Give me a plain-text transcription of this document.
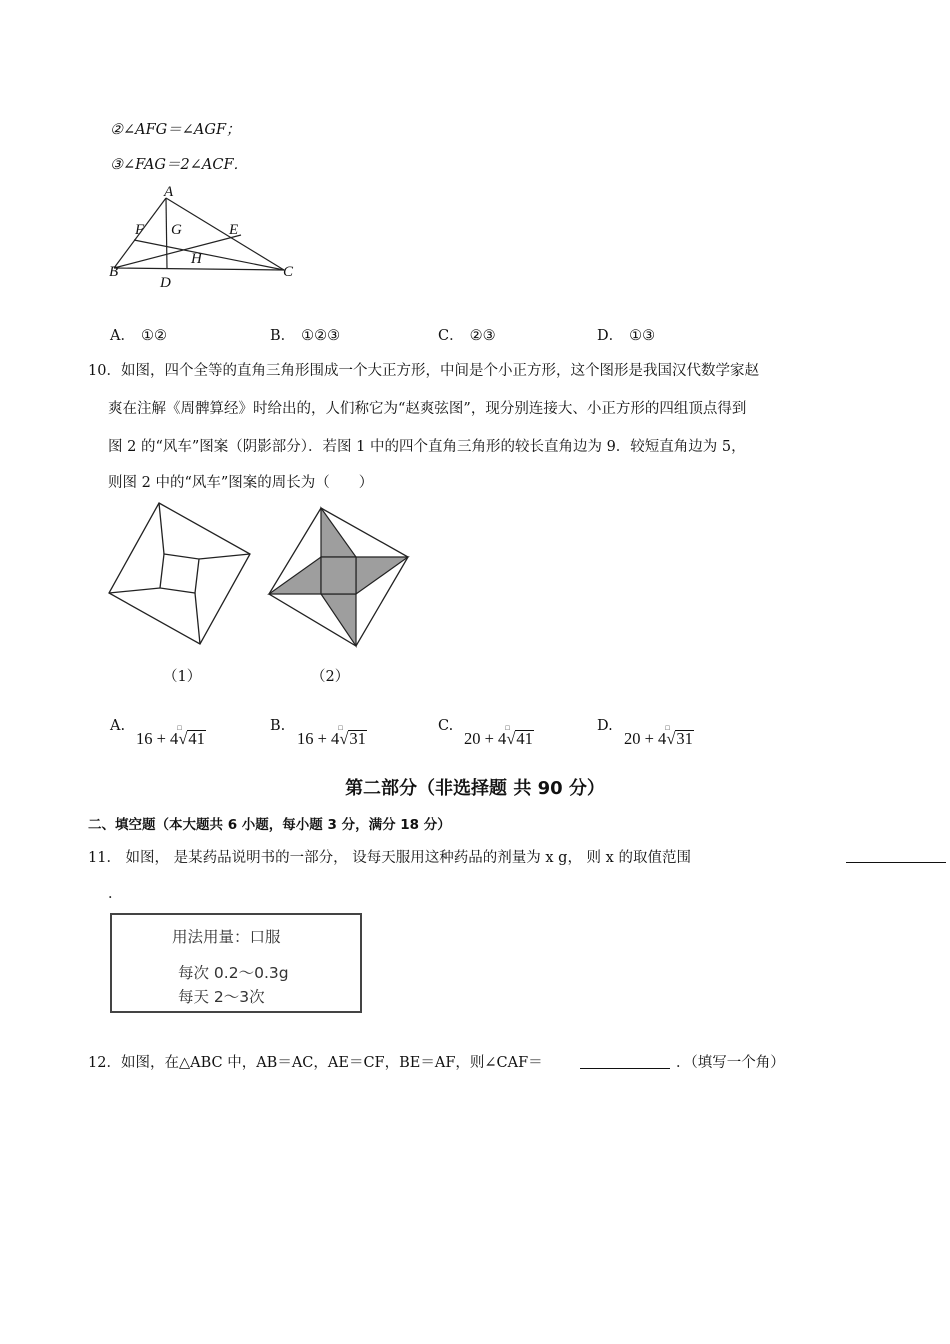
②∠AFG＝∠AGF；
③∠FAG＝2∠ACF．
A
F G	E
H
B
D
C
A． ①②	B． ①②③	C． ②③	D． ①③
10．如图，四个全等的直角三角形围成一个大正方形，中间是个小正方形，这个图形是我国汉代数学家赵
爽在注解《周髀算经》时给出的，人们称它为“赵爽弦图”，现分别连接大、小正方形的四组顶点得到
图 2 的“风车”图案（阴影部分）．若图 1 中的四个直角三角形的较长直角边为 9．较短直角边为 5，
则图 2 中的“风车”图案的周长为（　　）
（1）	（2）
A.
16 + 4√
□
41
B.
16 + 4√
□
31
C.
20 + 4√
□
41
D.
20 + 4√
□
31
第二部分（非选择题 共 90 分）
二、填空题（本大题共 6 小题，每小题 3 分，满分 18 分）
11． 如图， 是某药品说明书的一部分， 设每天服用这种药品的剂量为 x g， 则 x 的取值范围
．
用法用量：口服
每次 0.2～0.3g
每天 2～3次
12．如图，在△ABC 中，AB＝AC，AE＝CF，BE＝AF，则∠CAF＝	．（填写一个角）
